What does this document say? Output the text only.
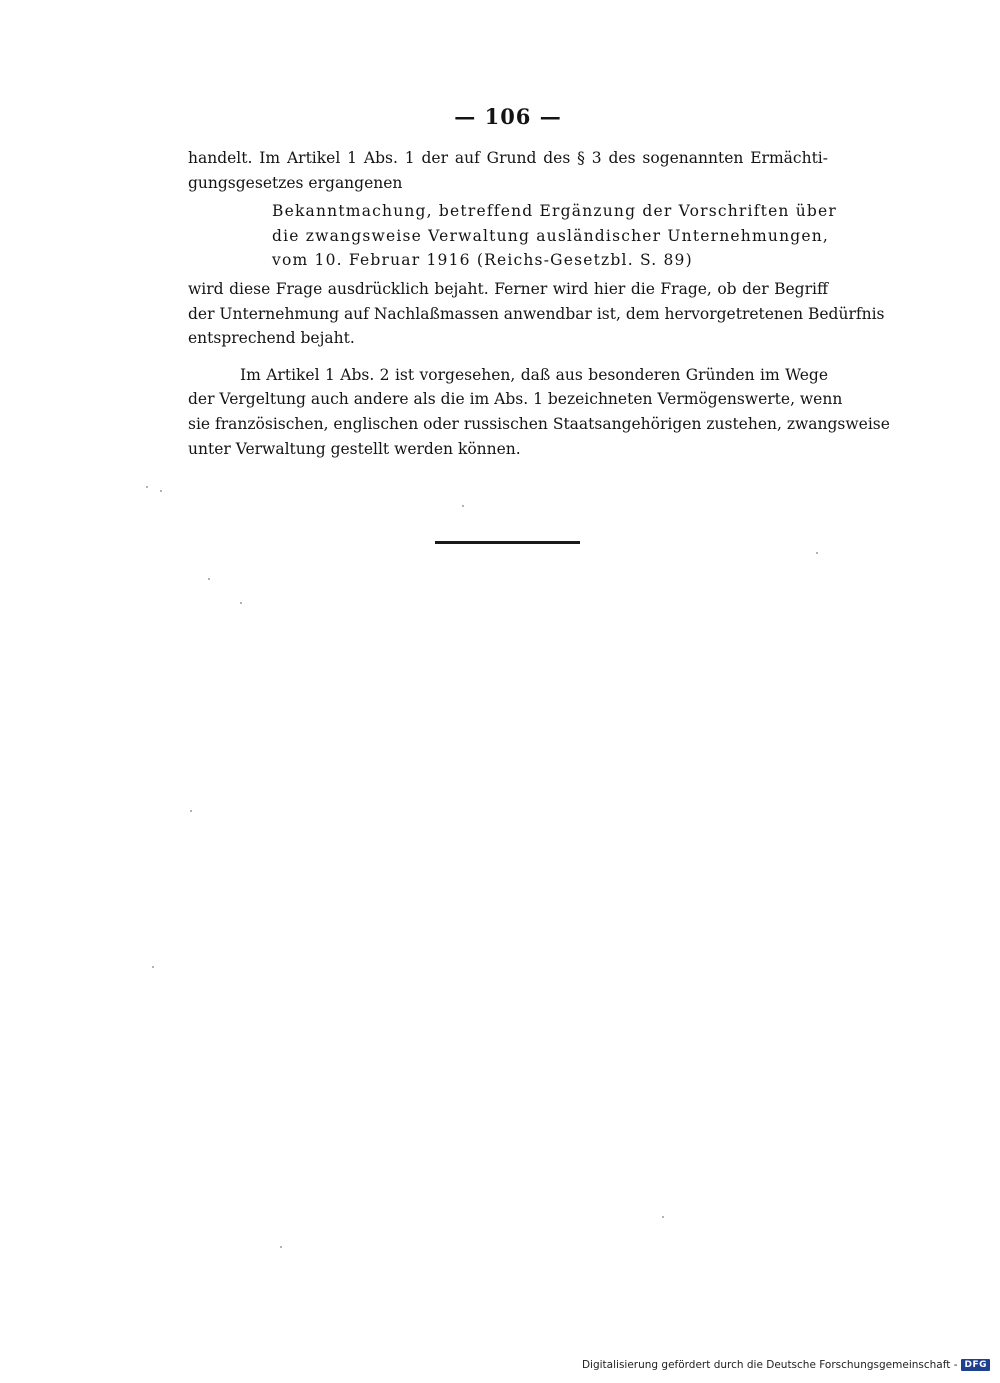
— 106 —

handelt. Im Artikel 1 Abs. 1 der auf Grund des § 3 des sogenannten Ermächti-
gungsgesetzes ergangenen

Bekanntmachung, betreffend Ergänzung der Vorschriften über
die zwangsweise Verwaltung ausländischer Unternehmungen,
vom 10. Februar 1916 (Reichs-Gesetzbl. S. 89)

wird diese Frage ausdrücklich bejaht. Ferner wird hier die Frage, ob der Begriff
der Unternehmung auf Nachlaßmassen anwendbar ist, dem hervorgetretenen Bedürfnis
entsprechend bejaht.

Im Artikel 1 Abs. 2 ist vorgesehen, daß aus besonderen Gründen im Wege
der Vergeltung auch andere als die im Abs. 1 bezeichneten Vermögenswerte, wenn
sie französischen, englischen oder russischen Staatsangehörigen zustehen, zwangsweise
unter Verwaltung gestellt werden können.

Digitalisierung gefördert durch die Deutsche Forschungsgemeinschaft - DFG
